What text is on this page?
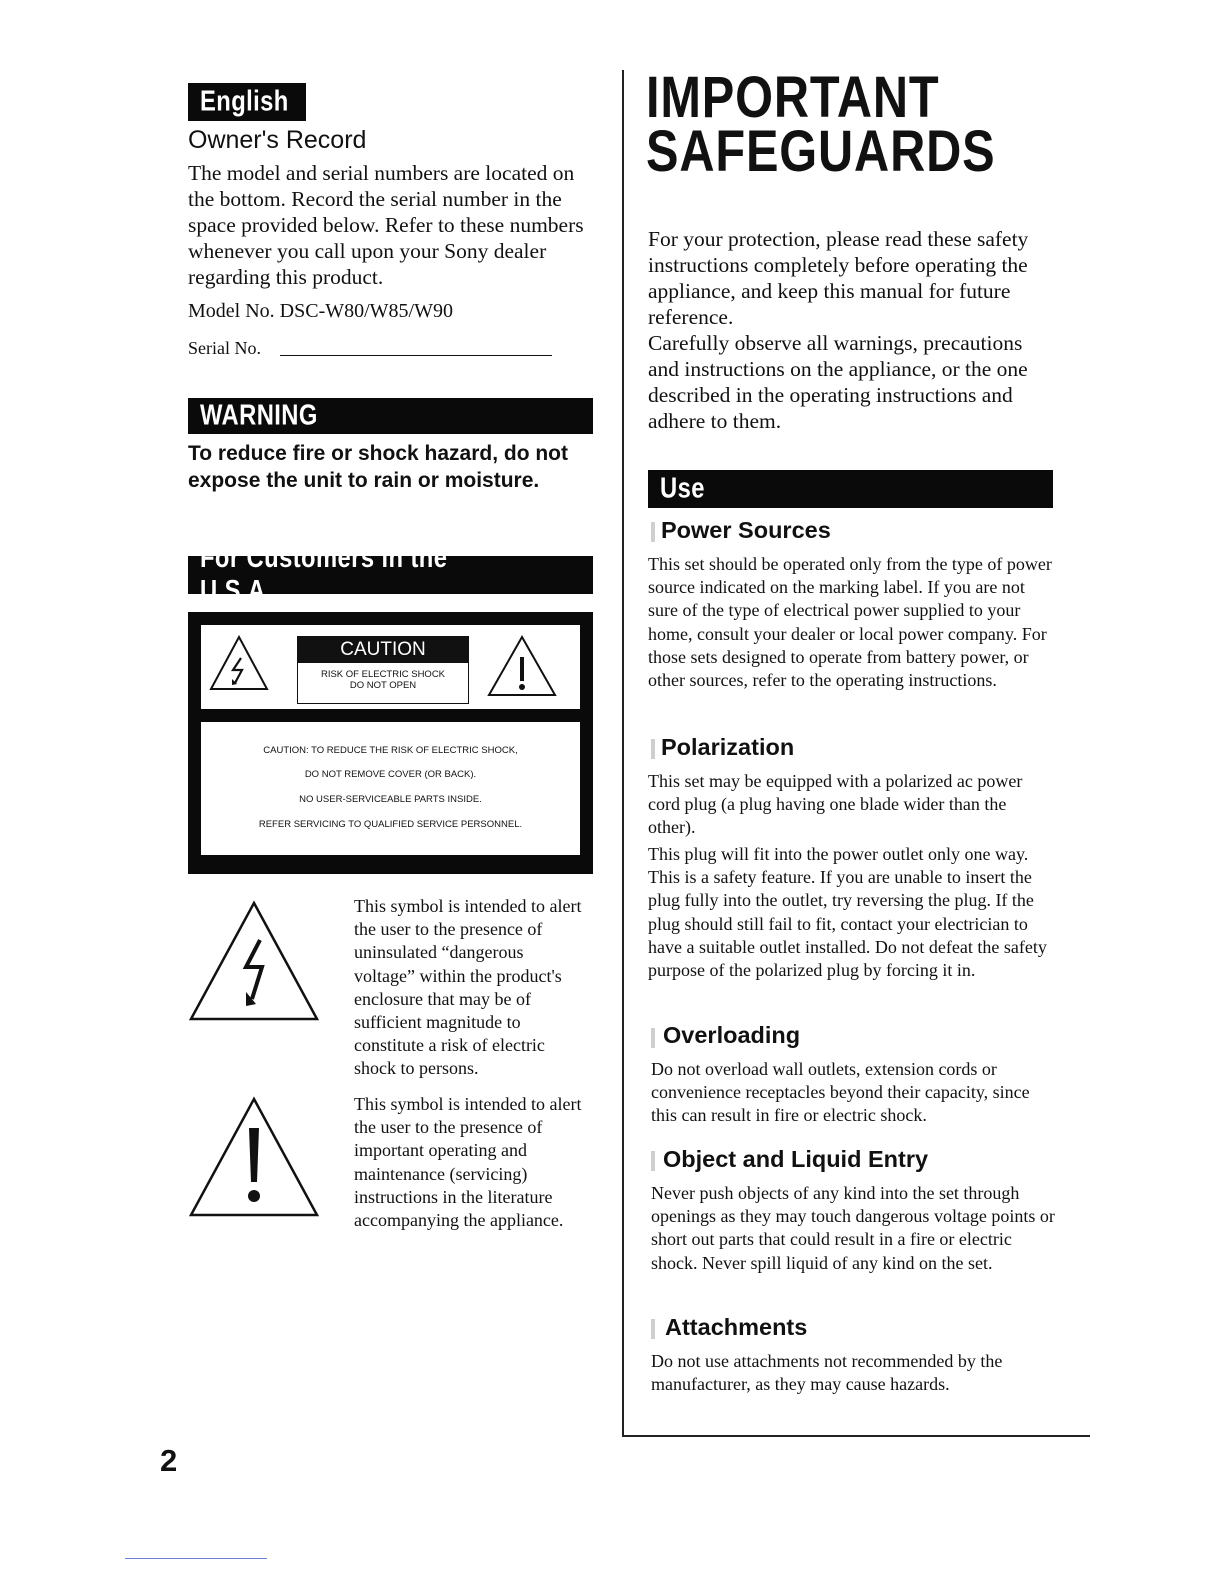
English
Owner's Record
The model and serial numbers are located on the bottom. Record the serial number in the space provided below. Refer to these numbers whenever you call upon your Sony dealer regarding this product.
Model No. DSC-W80/W85/W90
Serial No.
WARNING
To reduce fire or shock hazard, do not expose the unit to rain or moisture.
For Customers in the U.S.A.
CAUTION
RISK OF ELECTRIC SHOCK
DO NOT OPEN
CAUTION: TO REDUCE THE RISK OF ELECTRIC SHOCK,
DO NOT REMOVE COVER (OR BACK).
NO USER-SERVICEABLE PARTS INSIDE.
REFER SERVICING TO QUALIFIED SERVICE PERSONNEL.
This symbol is intended to alert the user to the presence of uninsulated “dangerous voltage” within the product's enclosure that may be of sufficient magnitude to constitute a risk of electric shock to persons.
This symbol is intended to alert the user to the presence of important operating and maintenance (servicing) instructions in the literature accompanying the appliance.
2
IMPORTANT
SAFEGUARDS
For your protection, please read these safety instructions completely before operating the appliance, and keep this manual for future reference.
Carefully observe all warnings, precautions and instructions on the appliance, or the one described in the operating instructions and adhere to them.
Use
Power Sources
This set should be operated only from the type of power source indicated on the marking label. If you are not sure of the type of electrical power supplied to your home, consult your dealer or local power company. For those sets designed to operate from battery power, or other sources, refer to the operating instructions.
Polarization
This set may be equipped with a polarized ac power cord plug (a plug having one blade wider than the other).
This plug will fit into the power outlet only one way. This is a safety feature. If you are unable to insert the plug fully into the outlet, try reversing the plug. If the plug should still fail to fit, contact your electrician to have a suitable outlet installed. Do not defeat the safety purpose of the polarized plug by forcing it in.
Overloading
Do not overload wall outlets, extension cords or convenience receptacles beyond their capacity, since this can result in fire or electric shock.
Object and Liquid Entry
Never push objects of any kind into the set through openings as they may touch dangerous voltage points or short out parts that could result in a fire or electric shock. Never spill liquid of any kind on the set.
Attachments
Do not use attachments not recommended by the manufacturer, as they may cause hazards.
